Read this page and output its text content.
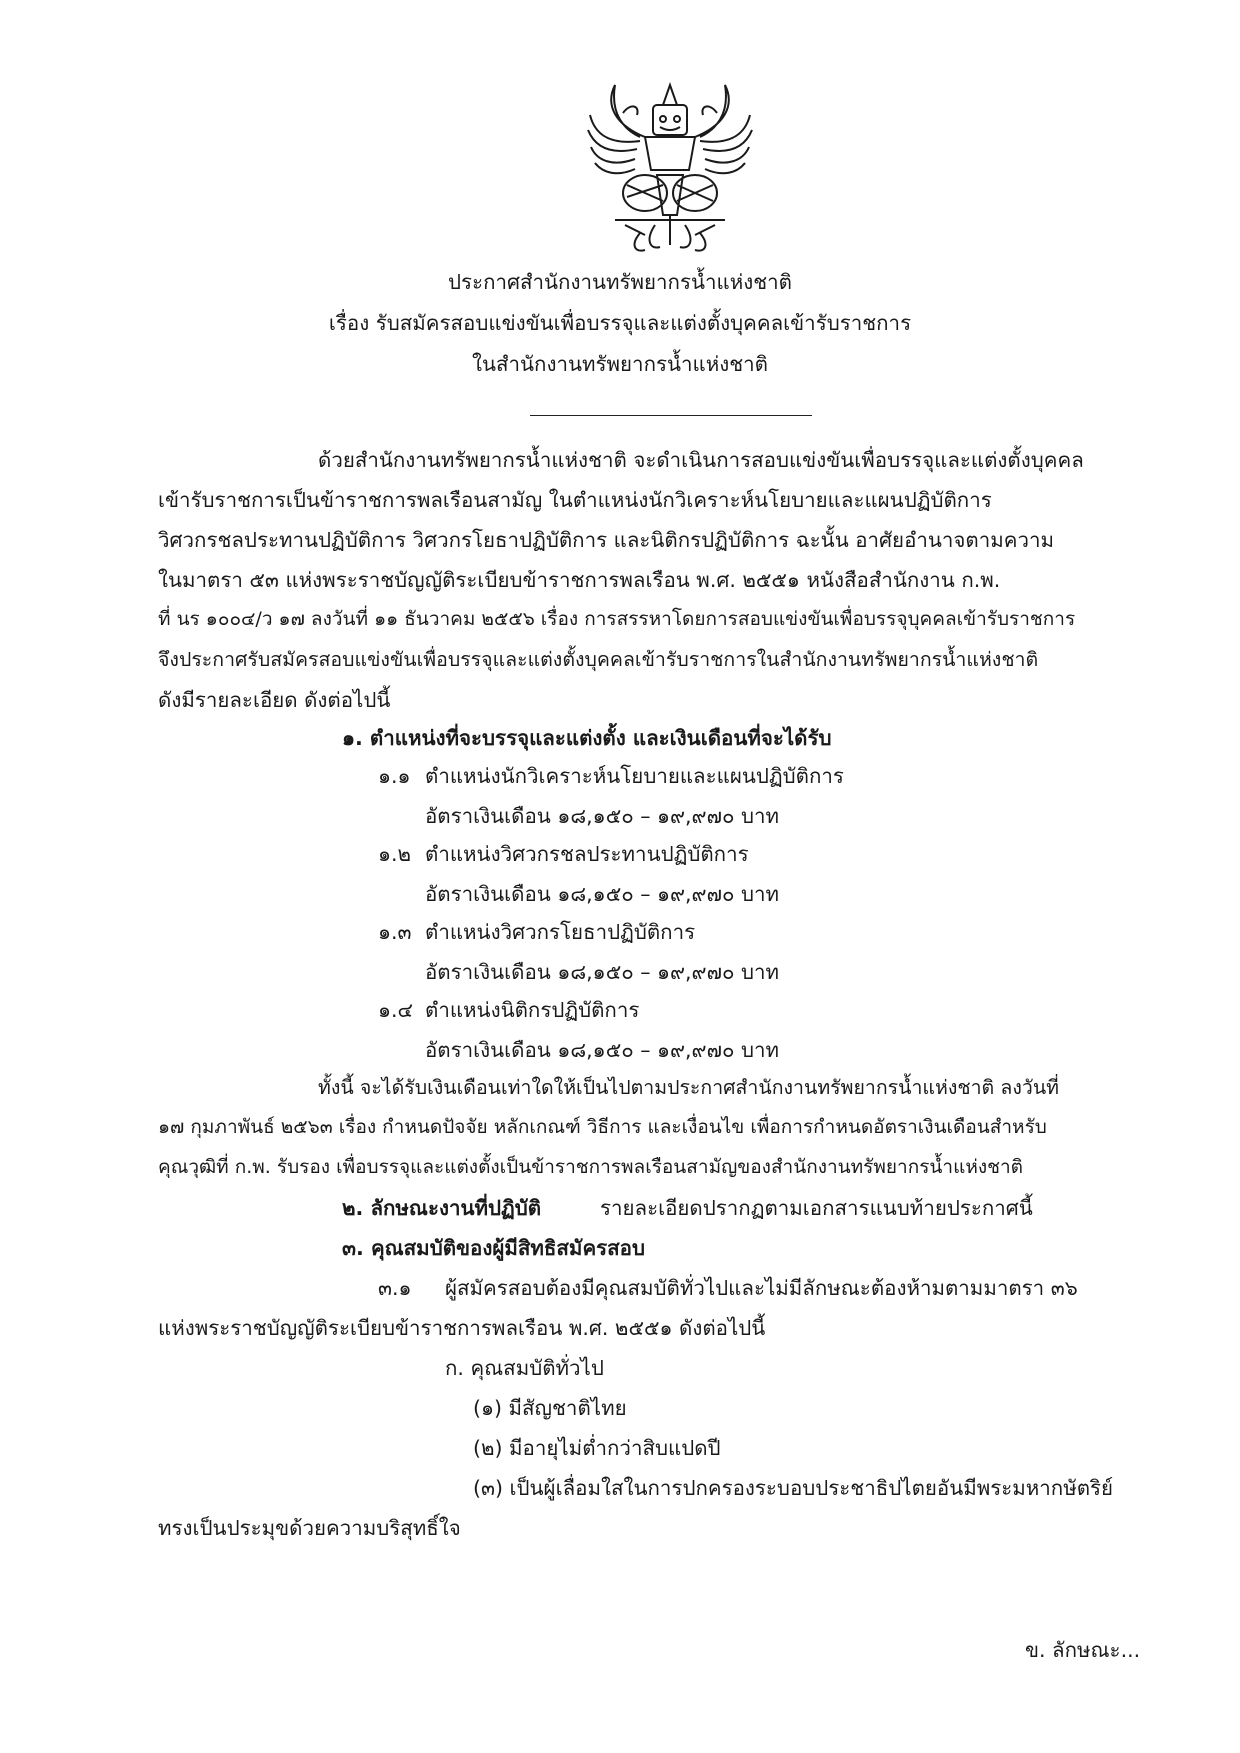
ประกาศสำนักงานทรัพยากรน้ำแห่งชาติ
เรื่อง รับสมัครสอบแข่งขันเพื่อบรรจุและแต่งตั้งบุคคลเข้ารับราชการ
ในสำนักงานทรัพยากรน้ำแห่งชาติ
ด้วยสำนักงานทรัพยากรน้ำแห่งชาติ จะดำเนินการสอบแข่งขันเพื่อบรรจุและแต่งตั้งบุคคล
เข้ารับราชการเป็นข้าราชการพลเรือนสามัญ ในตำแหน่งนักวิเคราะห์นโยบายและแผนปฏิบัติการ
วิศวกรชลประทานปฏิบัติการ วิศวกรโยธาปฏิบัติการ และนิติกรปฏิบัติการ ฉะนั้น อาศัยอำนาจตามความ
ในมาตรา ๕๓ แห่งพระราชบัญญัติระเบียบข้าราชการพลเรือน พ.ศ. ๒๕๕๑ หนังสือสำนักงาน ก.พ.
ที่ นร ๑๐๐๔/ว ๑๗ ลงวันที่ ๑๑ ธันวาคม ๒๕๕๖ เรื่อง การสรรหาโดยการสอบแข่งขันเพื่อบรรจุบุคคลเข้ารับราชการ
จึงประกาศรับสมัครสอบแข่งขันเพื่อบรรจุและแต่งตั้งบุคคลเข้ารับราชการในสำนักงานทรัพยากรน้ำแห่งชาติ
ดังมีรายละเอียด ดังต่อไปนี้
๑. ตำแหน่งที่จะบรรจุและแต่งตั้ง และเงินเดือนที่จะได้รับ
๑.๑ ตำแหน่งนักวิเคราะห์นโยบายและแผนปฏิบัติการ
อัตราเงินเดือน ๑๘,๑๕๐ – ๑๙,๙๗๐ บาท
๑.๒ ตำแหน่งวิศวกรชลประทานปฏิบัติการ
อัตราเงินเดือน ๑๘,๑๕๐ – ๑๙,๙๗๐ บาท
๑.๓ ตำแหน่งวิศวกรโยธาปฏิบัติการ
อัตราเงินเดือน ๑๘,๑๕๐ – ๑๙,๙๗๐ บาท
๑.๔ ตำแหน่งนิติกรปฏิบัติการ
อัตราเงินเดือน ๑๘,๑๕๐ – ๑๙,๙๗๐ บาท
ทั้งนี้ จะได้รับเงินเดือนเท่าใดให้เป็นไปตามประกาศสำนักงานทรัพยากรน้ำแห่งชาติ ลงวันที่
๑๗ กุมภาพันธ์ ๒๕๖๓ เรื่อง กำหนดปัจจัย หลักเกณฑ์ วิธีการ และเงื่อนไข เพื่อการกำหนดอัตราเงินเดือนสำหรับ
คุณวุฒิที่ ก.พ. รับรอง เพื่อบรรจุและแต่งตั้งเป็นข้าราชการพลเรือนสามัญของสำนักงานทรัพยากรน้ำแห่งชาติ
๒. ลักษณะงานที่ปฏิบัติ	รายละเอียดปรากฏตามเอกสารแนบท้ายประกาศนี้
๓. คุณสมบัติของผู้มีสิทธิสมัครสอบ
๓.๑ ผู้สมัครสอบต้องมีคุณสมบัติทั่วไปและไม่มีลักษณะต้องห้ามตามมาตรา ๓๖
แห่งพระราชบัญญัติระเบียบข้าราชการพลเรือน พ.ศ. ๒๕๕๑ ดังต่อไปนี้
ก. คุณสมบัติทั่วไป
(๑) มีสัญชาติไทย
(๒) มีอายุไม่ต่ำกว่าสิบแปดปี
(๓) เป็นผู้เลื่อมใสในการปกครองระบอบประชาธิปไตยอันมีพระมหากษัตริย์
ทรงเป็นประมุขด้วยความบริสุทธิ์ใจ
ข. ลักษณะ...
